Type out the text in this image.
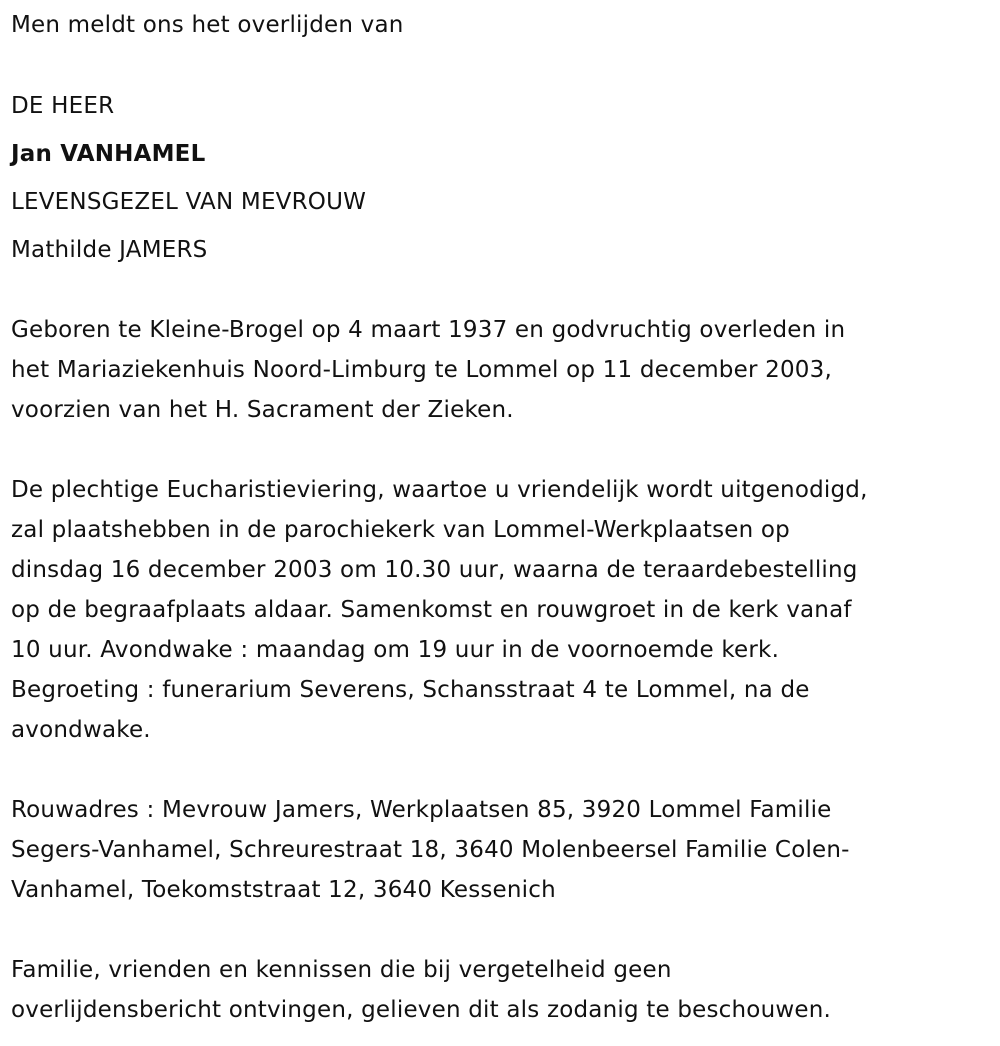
Men meldt ons het overlijden van
DE HEER
Jan VANHAMEL
LEVENSGEZEL VAN MEVROUW
Mathilde JAMERS
Geboren te Kleine-Brogel op 4 maart 1937 en godvruchtig overleden in
het Mariaziekenhuis Noord-Limburg te Lommel op 11 december 2003,
voorzien van het H. Sacrament der Zieken.
De plechtige Eucharistieviering, waartoe u vriendelijk wordt uitgenodigd,
zal plaatshebben in de parochiekerk van Lommel-Werkplaatsen op
dinsdag 16 december 2003 om 10.30 uur, waarna de teraardebestelling
op de begraafplaats aldaar. Samenkomst en rouwgroet in de kerk vanaf
10 uur. Avondwake : maandag om 19 uur in de voornoemde kerk.
Begroeting : funerarium Severens, Schansstraat 4 te Lommel, na de
avondwake.
Rouwadres : Mevrouw Jamers, Werkplaatsen 85, 3920 Lommel Familie
Segers-Vanhamel, Schreurestraat 18, 3640 Molenbeersel Familie Colen-
Vanhamel, Toekomststraat 12, 3640 Kessenich
Familie, vrienden en kennissen die bij vergetelheid geen
overlijdensbericht ontvingen, gelieven dit als zodanig te beschouwen.
